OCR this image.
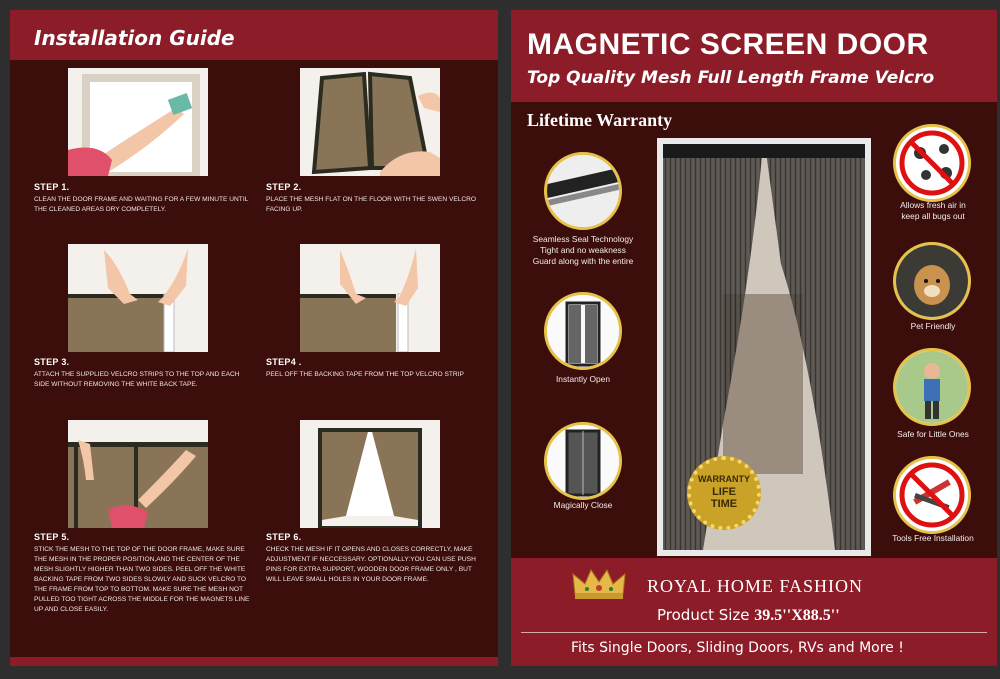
Installation Guide
STEP 1.
CLEAN THE DOOR FRAME AND WAITING FOR A FEW MINUTE UNTIL THE CLEANED AREAS DRY COMPLETELY.
STEP 2.
PLACE THE MESH FLAT ON THE FLOOR WITH THE SWEN VELCRO FACING UP.
STEP 3.
ATTACH THE SUPPLIED VELCRO STRIPS TO THE TOP AND EACH SIDE WITHOUT REMOVING THE WHITE BACK TAPE.
STEP4 .
PEEL OFF THE BACKING TAPE FROM THE TOP VELCRO STRIP
STEP 5.
STICK THE MESH TO THE TOP OF THE DOOR FRAME, MAKE SURE THE MESH IN THE PROPER POSITION,AND THE CENTER OF THE MESH SLIGHTLY HIGHER THAN TWO SIDES. PEEL OFF THE WHITE BACKING TAPE FROM TWO SIDES SLOWLY AND SUCK VELCRO TO THE FRAME FROM TOP TO BOTTOM. MAKE SURE THE MESH NOT PULLED TOO TIGHT ACROSS THE MIDDLE FOR THE MAGNETS LINE UP AND CLOSE EASILY.
STEP 6.
CHECK THE MESH IF IT OPENS AND CLOSES CORRECTLY, MAKE ADJUSTMENT IF NECCESSARY. OPTIONALLY:YOU CAN USE PUSH PINS FOR EXTRA SUPPORT, WOODEN DOOR FRAME ONLY , BUT WILL LEAVE SMALL HOLES IN YOUR DOOR FRAME.
MAGNETIC SCREEN DOOR
Top Quality Mesh Full Length Frame Velcro
Lifetime Warranty
Seamless Seal Technology
Tight and no weakness
Guard along with the entire
Instantly Open
Magically Close
WARRANTY
LIFE
TIME
Allows fresh air in
keep all bugs out
Pet Friendly
Safe for Little Ones
Tools Free Installation
ROYAL HOME FASHION
Product Size 39.5''X88.5''
Fits Single Doors, Sliding Doors, RVs and More !
